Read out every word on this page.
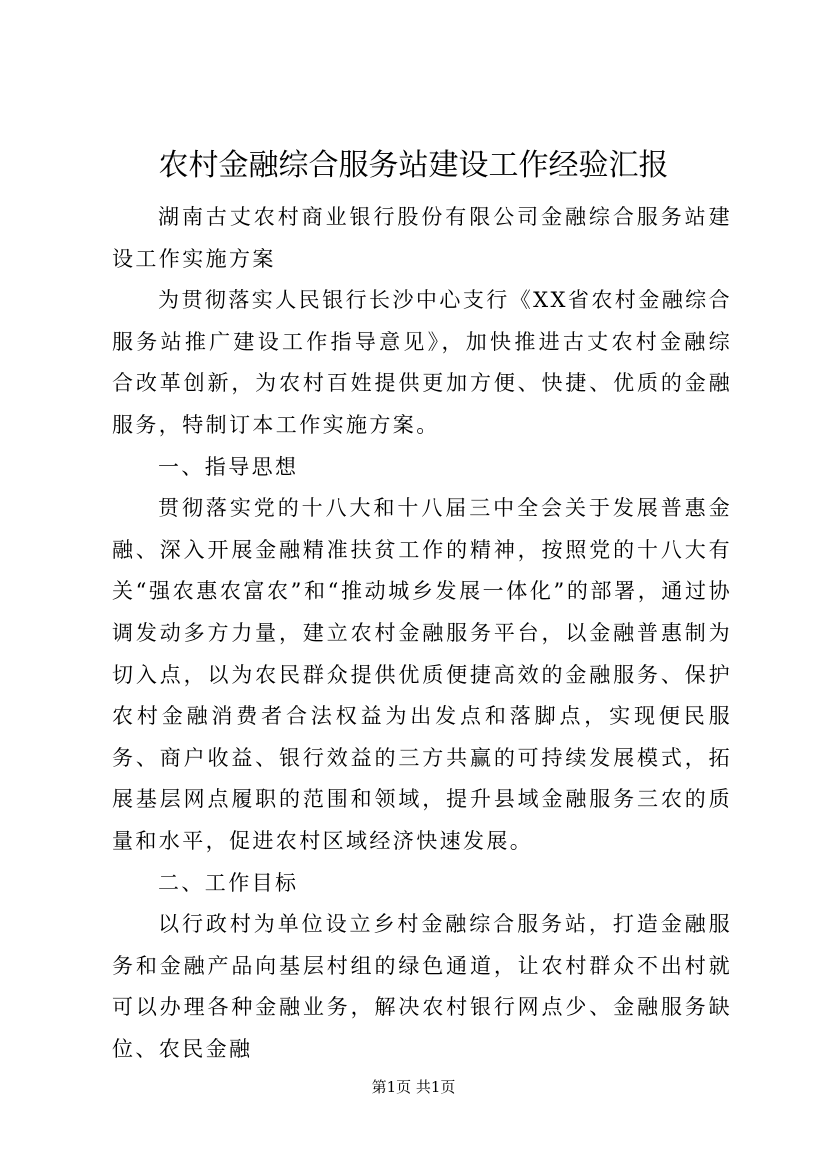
农村金融综合服务站建设工作经验汇报

湖南古丈农村商业银行股份有限公司金融综合服务站建设工作实施方案

为贯彻落实人民银行长沙中心支行《XX省农村金融综合服务站推广建设工作指导意见》，加快推进古丈农村金融综合改革创新，为农村百姓提供更加方便、快捷、优质的金融服务，特制订本工作实施方案。

一、指导思想

贯彻落实党的十八大和十八届三中全会关于发展普惠金融、深入开展金融精准扶贫工作的精神，按照党的十八大有关“强农惠农富农”和“推动城乡发展一体化”的部署，通过协调发动多方力量，建立农村金融服务平台，以金融普惠制为切入点，以为农民群众提供优质便捷高效的金融服务、保护农村金融消费者合法权益为出发点和落脚点，实现便民服务、商户收益、银行效益的三方共赢的可持续发展模式，拓展基层网点履职的范围和领域，提升县域金融服务三农的质量和水平，促进农村区域经济快速发展。

二、工作目标

以行政村为单位设立乡村金融综合服务站，打造金融服务和金融产品向基层村组的绿色通道，让农村群众不出村就可以办理各种金融业务，解决农村银行网点少、金融服务缺位、农民金融

第1页 共1页
